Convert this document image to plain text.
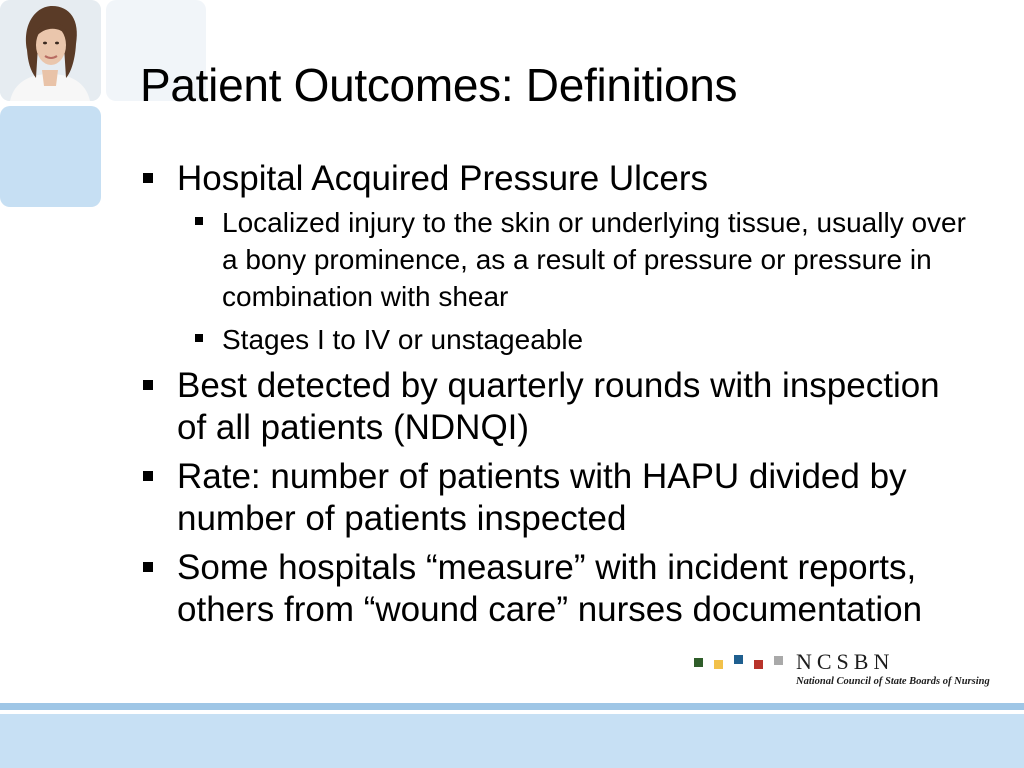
Patient Outcomes: Definitions
Hospital Acquired Pressure Ulcers
Localized injury to the skin or underlying tissue, usually over a bony prominence, as a result of pressure or pressure in combination with shear
Stages I to IV or unstageable
Best detected by quarterly rounds with inspection of all patients (NDNQI)
Rate: number of patients with HAPU divided by number of patients inspected
Some hospitals “measure” with incident reports, others from “wound care” nurses documentation
NCSBN
National Council of State Boards of Nursing
